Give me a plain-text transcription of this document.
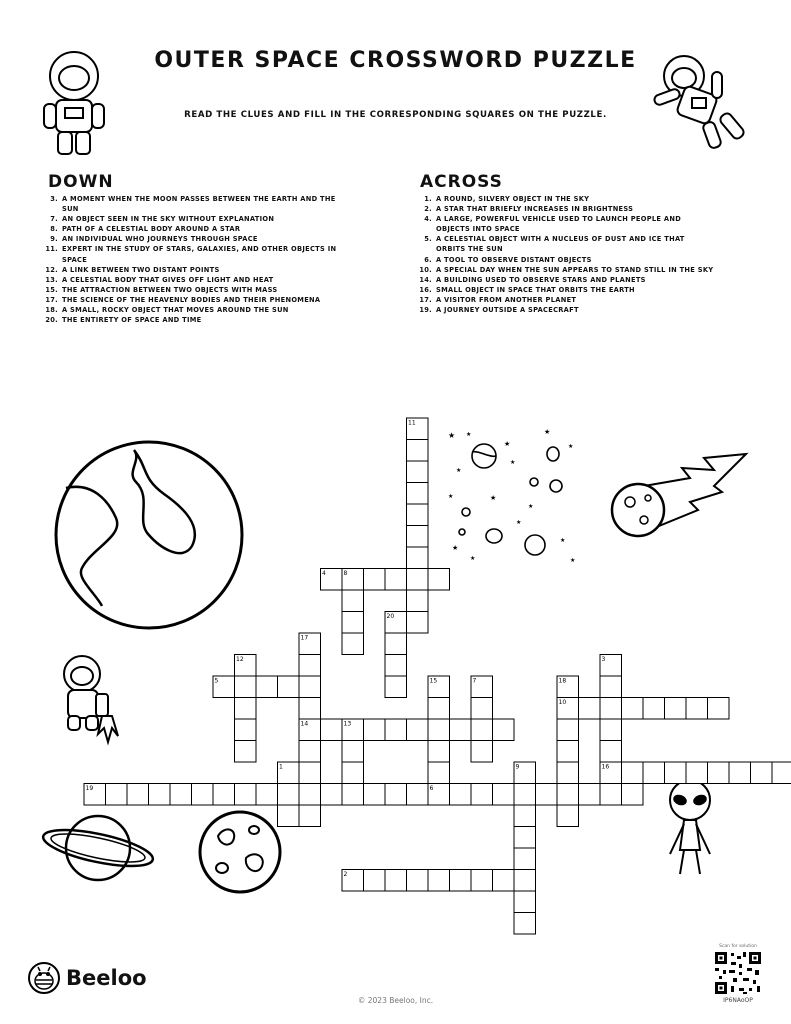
OUTER SPACE CROSSWORD PUZZLE
READ THE CLUES AND FILL IN THE CORRESPONDING SQUARES ON THE PUZZLE.
DOWN
3. A MOMENT WHEN THE MOON PASSES BETWEEN THE EARTH AND THE SUN
7. AN OBJECT SEEN IN THE SKY WITHOUT EXPLANATION
8. PATH OF A CELESTIAL BODY AROUND A STAR
9. AN INDIVIDUAL WHO JOURNEYS THROUGH SPACE
11. EXPERT IN THE STUDY OF STARS, GALAXIES, AND OTHER OBJECTS IN SPACE
12. A LINK BETWEEN TWO DISTANT POINTS
13. A CELESTIAL BODY THAT GIVES OFF LIGHT AND HEAT
15. THE ATTRACTION BETWEEN TWO OBJECTS WITH MASS
17. THE SCIENCE OF THE HEAVENLY BODIES AND THEIR PHENOMENA
18. A SMALL, ROCKY OBJECT THAT MOVES AROUND THE SUN
20. THE ENTIRETY OF SPACE AND TIME
ACROSS
1. A ROUND, SILVERY OBJECT IN THE SKY
2. A STAR THAT BRIEFLY INCREASES IN BRIGHTNESS
4. A LARGE, POWERFUL VEHICLE USED TO LAUNCH PEOPLE AND OBJECTS INTO SPACE
5. A CELESTIAL OBJECT WITH A NUCLEUS OF DUST AND ICE THAT ORBITS THE SUN
6. A TOOL TO OBSERVE DISTANT OBJECTS
10. A SPECIAL DAY WHEN THE SUN APPEARS TO STAND STILL IN THE SKY
14. A BUILDING USED TO OBSERVE STARS AND PLANETS
16. SMALL OBJECT IN SPACE THAT ORBITS THE EARTH
17. A VISITOR FROM ANOTHER PLANET
19. A JOURNEY OUTSIDE A SPACECRAFT
★ ★
★
★
★
★
★
★
★
★
★
★
★
★
★
11
4	8
20
17
12
5	15	7	18
3
10
14	13
1	16
19	6
9
2
Beeloo
© 2023 Beeloo, Inc.
Scan for solution
IP6NAoOP
